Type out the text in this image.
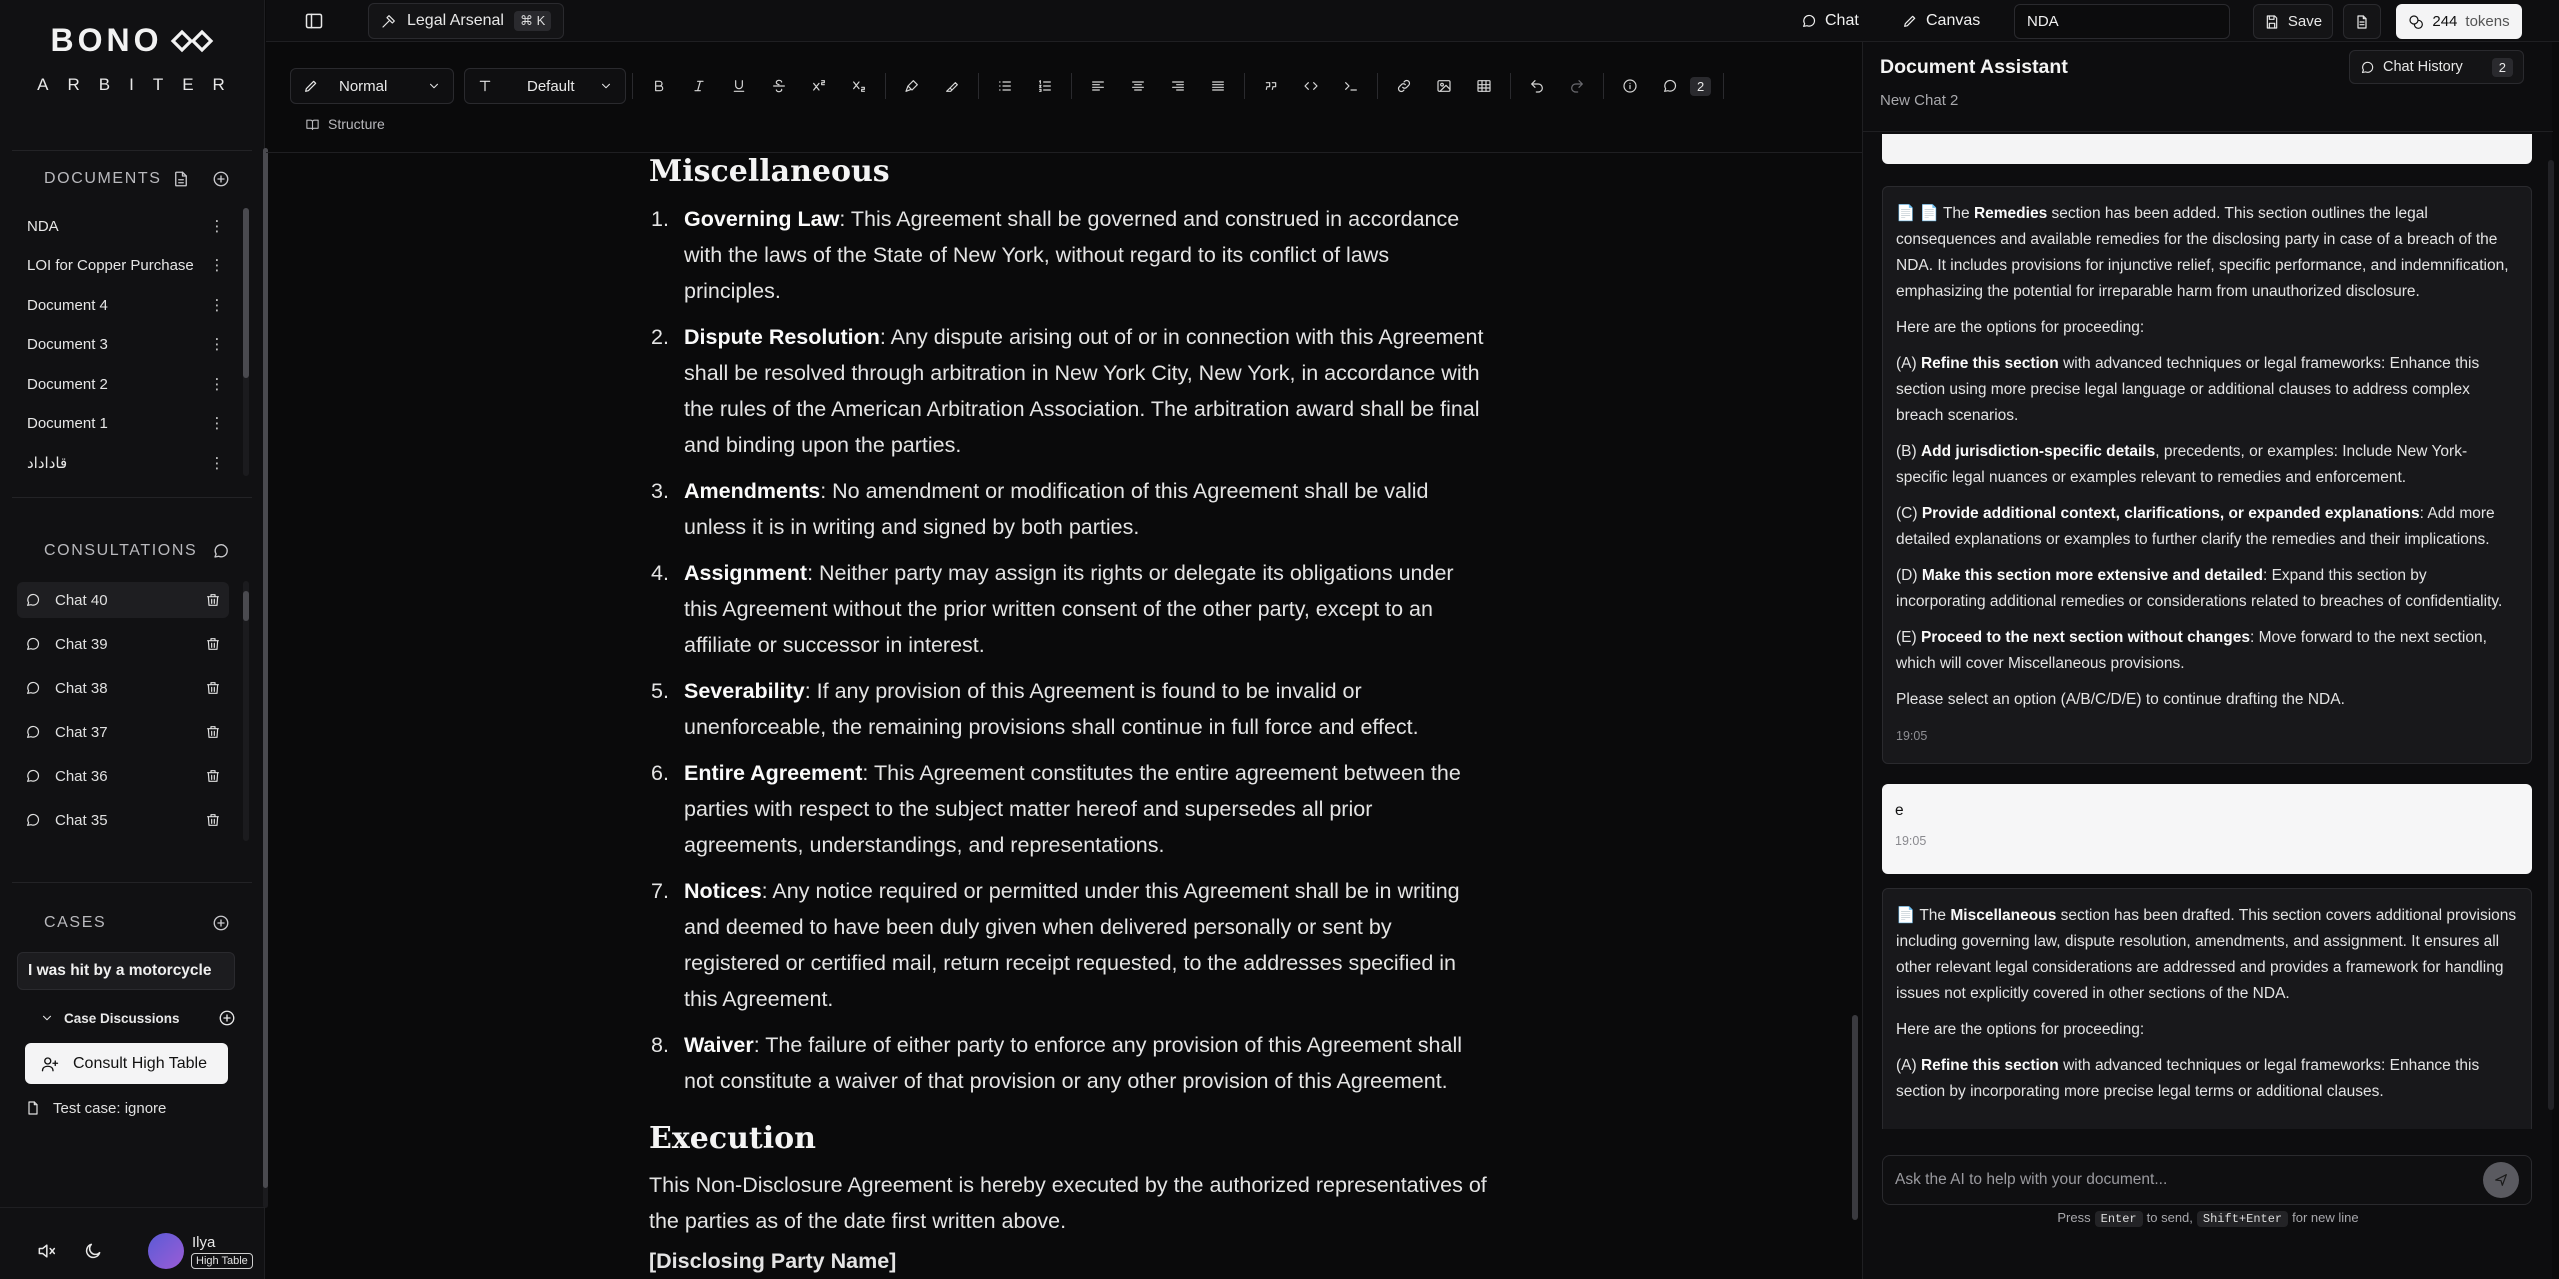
BONO
ARBITER
DOCUMENTS
NDA	⋮
LOI for Copper Purchase	⋮
Document 4	⋮
Document 3	⋮
Document 2	⋮
Document 1	⋮
قاداداد	⋮
CONSULTATIONS
Chat 40
Chat 39
Chat 38
Chat 37
Chat 36
Chat 35
CASES
I was hit by a motorcycle
Case Discussions
Consult High Table
Test case: ignore
Ilya
High Table
Legal Arsenal	⌘ K	Chat	Canvas
NDA	Save	244 tokens
Normal	Default	2
Structure
Miscellaneous
1. Governing Law: This Agreement shall be governed and construed in accordance with the laws of the State of New York, without regard to its conflict of laws principles.
2. Dispute Resolution: Any dispute arising out of or in connection with this Agreement shall be resolved through arbitration in New York City, New York, in accordance with the rules of the American Arbitration Association. The arbitration award shall be final and binding upon the parties.
3. Amendments: No amendment or modification of this Agreement shall be valid unless it is in writing and signed by both parties.
4. Assignment: Neither party may assign its rights or delegate its obligations under this Agreement without the prior written consent of the other party, except to an affiliate or successor in interest.
5. Severability: If any provision of this Agreement is found to be invalid or unenforceable, the remaining provisions shall continue in full force and effect.
6. Entire Agreement: This Agreement constitutes the entire agreement between the parties with respect to the subject matter hereof and supersedes all prior agreements, understandings, and representations.
7. Notices: Any notice required or permitted under this Agreement shall be in writing and deemed to have been duly given when delivered personally or sent by registered or certified mail, return receipt requested, to the addresses specified in this Agreement.
8. Waiver: The failure of either party to enforce any provision of this Agreement shall not constitute a waiver of that provision or any other provision of this Agreement.
Execution

This Non-Disclosure Agreement is hereby executed by the authorized representatives of the parties as of the date first written above.

[Disclosing Party Name]

Document Assistant
New Chat 2
Chat History	2

📄 📄 The Remedies section has been added. This section outlines the legal consequences and available remedies for the disclosing party in case of a breach of the NDA. It includes provisions for injunctive relief, specific performance, and indemnification, emphasizing the potential for irreparable harm from unauthorized disclosure.

Here are the options for proceeding:

(A) Refine this section with advanced techniques or legal frameworks: Enhance this section using more precise legal language or additional clauses to address complex breach scenarios.

(B) Add jurisdiction-specific details, precedents, or examples: Include New York-specific legal nuances or examples relevant to remedies and enforcement.

(C) Provide additional context, clarifications, or expanded explanations: Add more detailed explanations or examples to further clarify the remedies and their implications.

(D) Make this section more extensive and detailed: Expand this section by incorporating additional remedies or considerations related to breaches of confidentiality.

(E) Proceed to the next section without changes: Move forward to the next section, which will cover Miscellaneous provisions.

Please select an option (A/B/C/D/E) to continue drafting the NDA.

19:05

e

19:05

📄 The Miscellaneous section has been drafted. This section covers additional provisions including governing law, dispute resolution, amendments, and assignment. It ensures all other relevant legal considerations are addressed and provides a framework for handling issues not explicitly covered in other sections of the NDA.

Here are the options for proceeding:

(A) Refine this section with advanced techniques or legal frameworks: Enhance this section by incorporating more precise legal terms or additional clauses.

Ask the AI to help with your document...
Press Enter to send, Shift+Enter for new line
